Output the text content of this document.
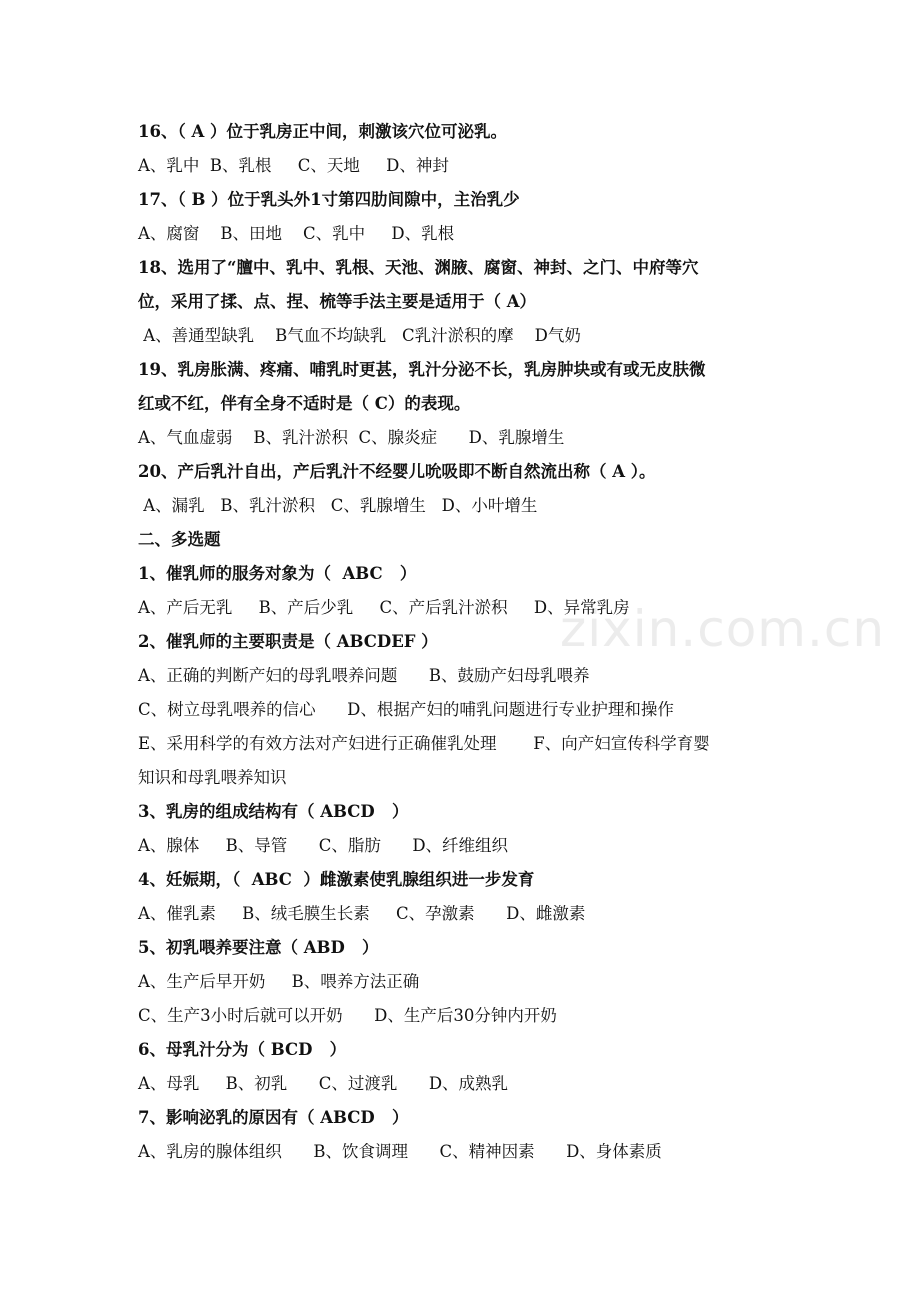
zixin.com.cn
16、（ A ）位于乳房正中间，刺激该穴位可泌乳。
A、乳中  B、乳根     C、天地     D、神封
17、（ B ）位于乳头外1寸第四肋间隙中，主治乳少
A、腐窗    B、田地    C、乳中     D、乳根
18、选用了“膻中、乳中、乳根、天池、渊腋、腐窗、神封、之门、中府等穴
位，采用了揉、点、捏、梳等手法主要是适用于（ A）
A、善通型缺乳    B气血不均缺乳   C乳汁淤积的摩    D气奶
19、乳房胀满、疼痛、哺乳时更甚，乳汁分泌不长，乳房肿块或有或无皮肤微
红或不红，伴有全身不适时是（ C）的表现。
A、气血虚弱    B、乳汁淤积  C、腺炎症      D、乳腺增生
20、产后乳汁自出，产后乳汁不经婴儿吮吸即不断自然流出称（ A ）。
A、漏乳   B、乳汁淤积   C、乳腺增生   D、小叶增生
二、多选题
1、催乳师的服务对象为（  ABC   ）
A、产后无乳     B、产后少乳     C、产后乳汁淤积     D、异常乳房
2、催乳师的主要职责是（ ABCDEF ）
A、正确的判断产妇的母乳喂养问题      B、鼓励产妇母乳喂养
C、树立母乳喂养的信心      D、根据产妇的哺乳问题进行专业护理和操作
E、采用科学的有效方法对产妇进行正确催乳处理       F、向产妇宣传科学育婴
知识和母乳喂养知识
3、乳房的组成结构有（ ABCD   ）
A、腺体     B、导管      C、脂肪      D、纤维组织
4、妊娠期，（  ABC  ）雌激素使乳腺组织进一步发育
A、催乳素     B、绒毛膜生长素     C、孕激素      D、雌激素
5、初乳喂养要注意（ ABD   ）
A、生产后早开奶     B、喂养方法正确
C、生产3小时后就可以开奶      D、生产后30分钟内开奶
6、母乳汁分为（ BCD   ）
A、母乳     B、初乳      C、过渡乳      D、成熟乳
7、影响泌乳的原因有（ ABCD   ）
A、乳房的腺体组织      B、饮食调理      C、精神因素      D、身体素质
